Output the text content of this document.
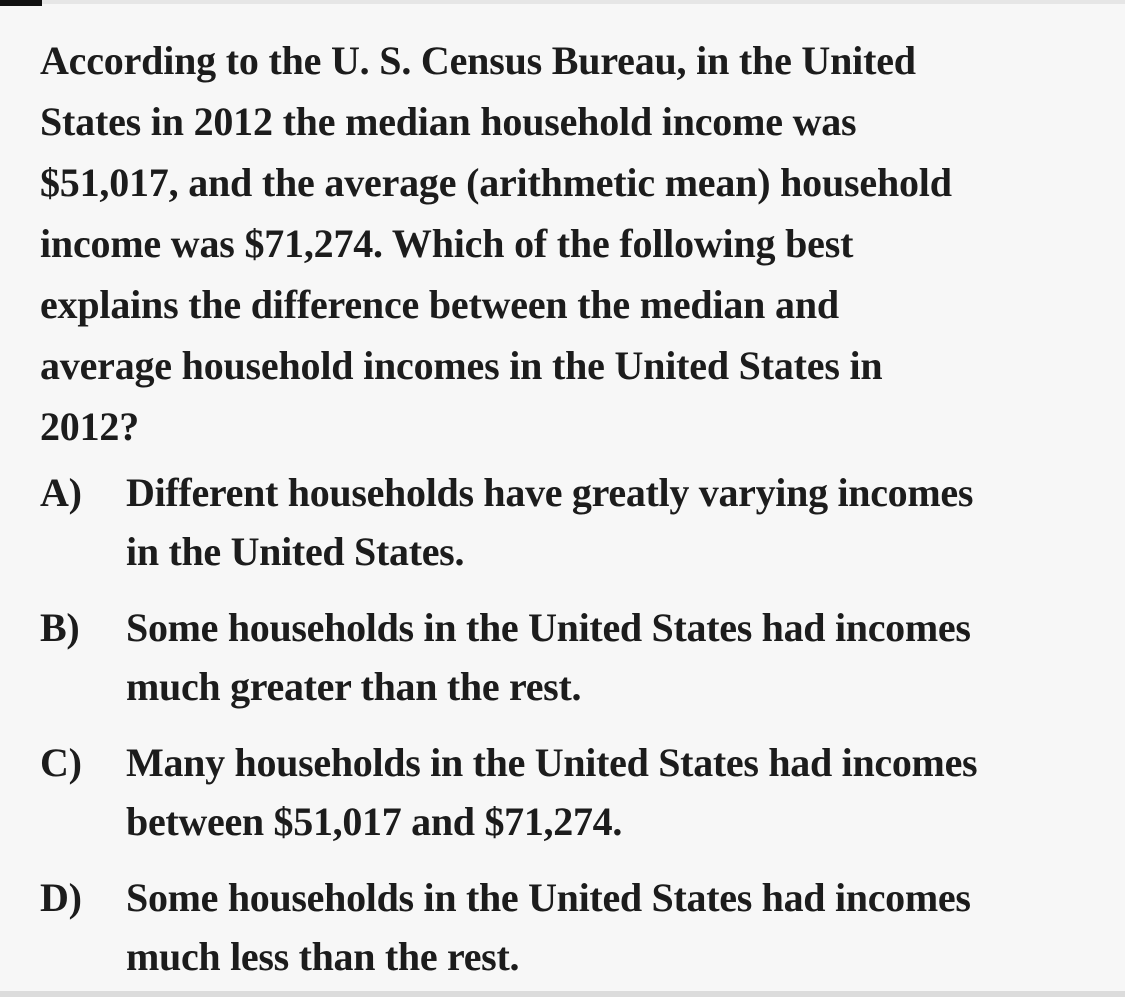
According to the U. S. Census Bureau, in the United
States in 2012 the median household income was
$51,017, and the average (arithmetic mean) household
income was $71,274. Which of the following best
explains the difference between the median and
average household incomes in the United States in
2012?
A) Different households have greatly varying incomes
in the United States.
B) Some households in the United States had incomes
much greater than the rest.
C) Many households in the United States had incomes
between $51,017 and $71,274.
D) Some households in the United States had incomes
much less than the rest.
